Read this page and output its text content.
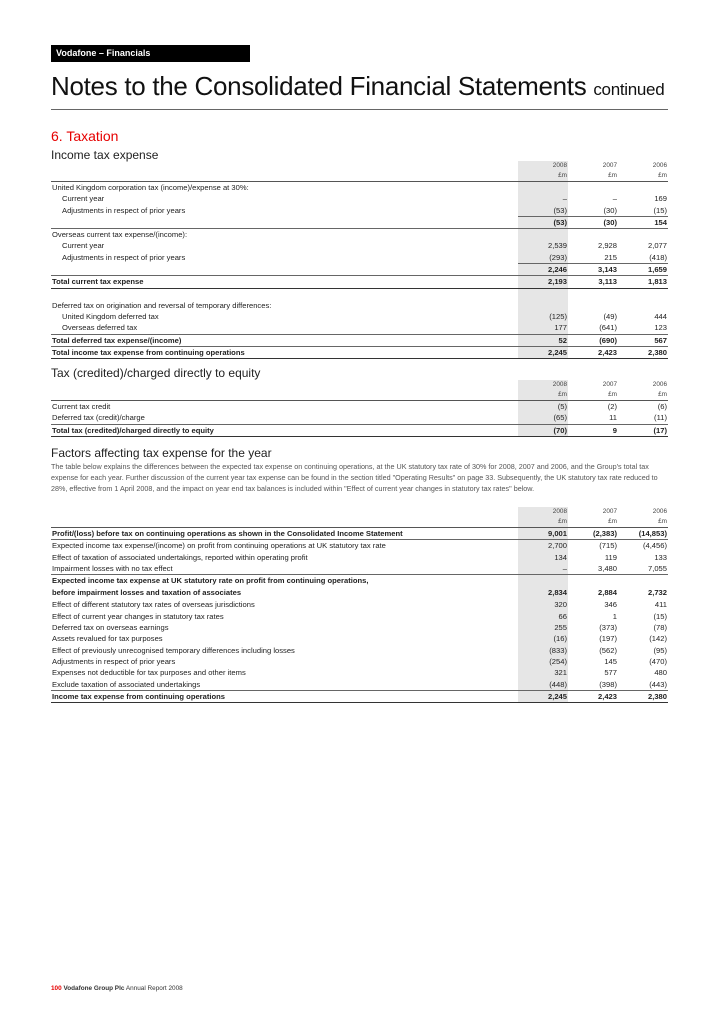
Vodafone – Financials
Notes to the Consolidated Financial Statements continued
6. Taxation
Income tax expense
	2008	2007	2006
	£m	£m	£m
United Kingdom corporation tax (income)/expense at 30%:			
Current year	–	–	169
Adjustments in respect of prior years	(53)	(30)	(15)
	(53)	(30)	154
Overseas current tax expense/(income):			
Current year	2,539	2,928	2,077
Adjustments in respect of prior years	(293)	215	(418)
	2,246	3,143	1,659
Total current tax expense	2,193	3,113	1,813

Deferred tax on origination and reversal of temporary differences:			
United Kingdom deferred tax	(125)	(49)	444
Overseas deferred tax	177	(641)	123
Total deferred tax expense/(income)	52	(690)	567
Total income tax expense from continuing operations	2,245	2,423	2,380
Tax (credited)/charged directly to equity
	2008	2007	2006
	£m	£m	£m
Current tax credit	(5)	(2)	(6)
Deferred tax (credit)/charge	(65)	11	(11)
Total tax (credited)/charged directly to equity	(70)	9	(17)
Factors affecting tax expense for the year
The table below explains the differences between the expected tax expense on continuing operations, at the UK statutory tax rate of 30% for 2008, 2007 and 2006, and the Group's total tax expense for each year. Further discussion of the current year tax expense can be found in the section titled "Operating Results" on page 33. Subsequently, the UK statutory tax rate reduced to 28%, effective from 1 April 2008, and the impact on year end tax balances is included within "Effect of current year changes in statutory tax rates" below.
	2008	2007	2006
	£m	£m	£m
Profit/(loss) before tax on continuing operations as shown in the Consolidated Income Statement	9,001	(2,383)	(14,853)
Expected income tax expense/(income) on profit from continuing operations at UK statutory tax rate	2,700	(715)	(4,456)
Effect of taxation of associated undertakings, reported within operating profit	134	119	133
Impairment losses with no tax effect	–	3,480	7,055
Expected income tax expense at UK statutory rate on profit from continuing operations,			
before impairment losses and taxation of associates	2,834	2,884	2,732
Effect of different statutory tax rates of overseas jurisdictions	320	346	411
Effect of current year changes in statutory tax rates	66	1	(15)
Deferred tax on overseas earnings	255	(373)	(78)
Assets revalued for tax purposes	(16)	(197)	(142)
Effect of previously unrecognised temporary differences including losses	(833)	(562)	(95)
Adjustments in respect of prior years	(254)	145	(470)
Expenses not deductible for tax purposes and other items	321	577	480
Exclude taxation of associated undertakings	(448)	(398)	(443)
Income tax expense from continuing operations	2,245	2,423	2,380
100 Vodafone Group Plc Annual Report 2008
